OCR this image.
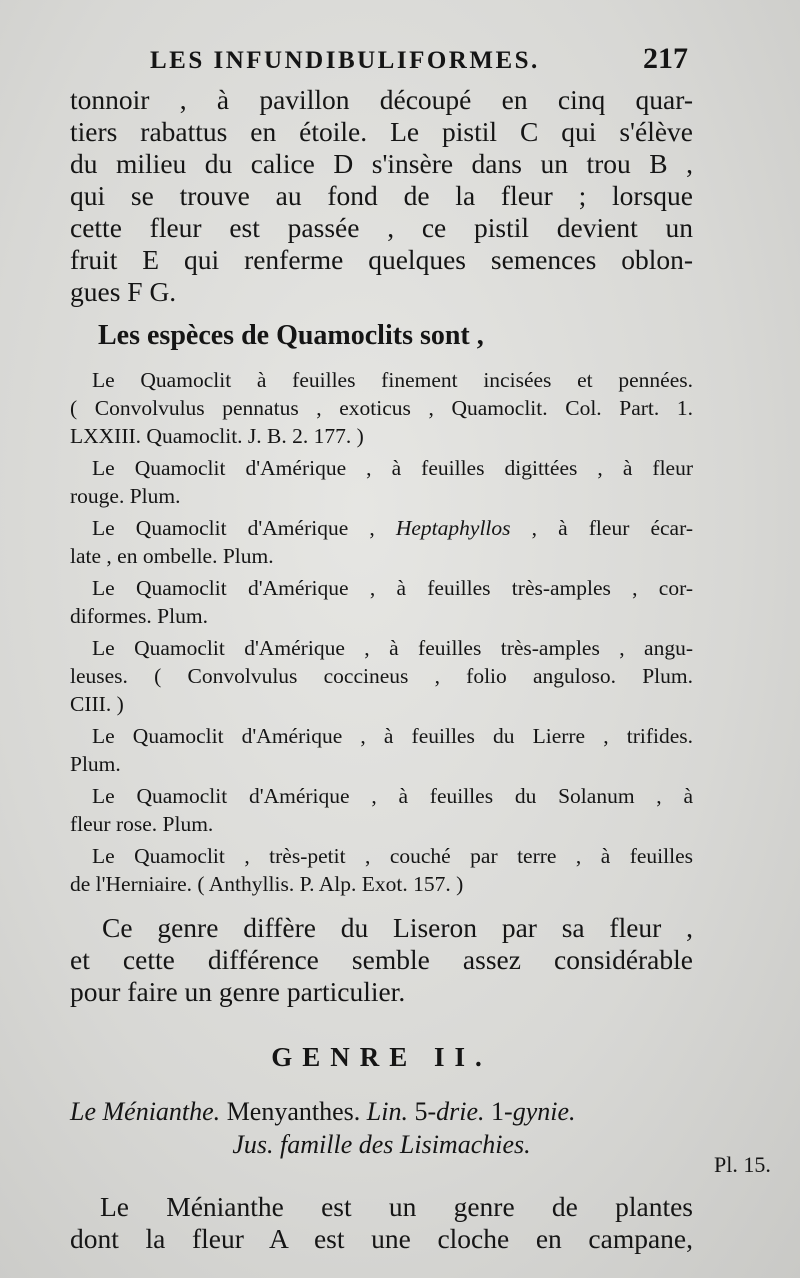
LES INFUNDIBULIFORMES.	217

tonnoir , à pavillon découpé en cinq quar-
tiers rabattus en étoile. Le pistil C qui s'élève
du milieu du calice D s'insère dans un trou B ,
qui se trouve au fond de la fleur ; lorsque
cette fleur est passée , ce pistil devient un
fruit E qui renferme quelques semences oblon-
gues F G.

Les espèces de Quamoclits sont ,

Le Quamoclit à feuilles finement incisées et pennées.
( Convolvulus pennatus , exoticus , Quamoclit. Col. Part. 1.
LXXIII. Quamoclit. J. B. 2. 177. )

Le Quamoclit d'Amérique , à feuilles digittées , à fleur
rouge. Plum.

Le Quamoclit d'Amérique , Heptaphyllos , à fleur écar-
late , en ombelle. Plum.

Le Quamoclit d'Amérique , à feuilles très-amples , cor-
diformes. Plum.

Le Quamoclit d'Amérique , à feuilles très-amples , angu-
leuses. ( Convolvulus coccineus , folio anguloso. Plum.
CIII. )

Le Quamoclit d'Amérique , à feuilles du Lierre , trifides.
Plum.

Le Quamoclit d'Amérique , à feuilles du Solanum , à
fleur rose. Plum.

Le Quamoclit , très-petit , couché par terre , à feuilles
de l'Herniaire. ( Anthyllis. P. Alp. Exot. 157. )

Ce genre diffère du Liseron par sa fleur ,
et cette différence semble assez considérable
pour faire un genre particulier.

GENRE II.
Le Ménianthe. Menyanthes. Lin. 5-drie. 1-gynie.
Jus. famille des Lisimachies.

Le Ménianthe est un genre de plantes
dont la fleur A est une cloche en campane,

Pl. 15.
